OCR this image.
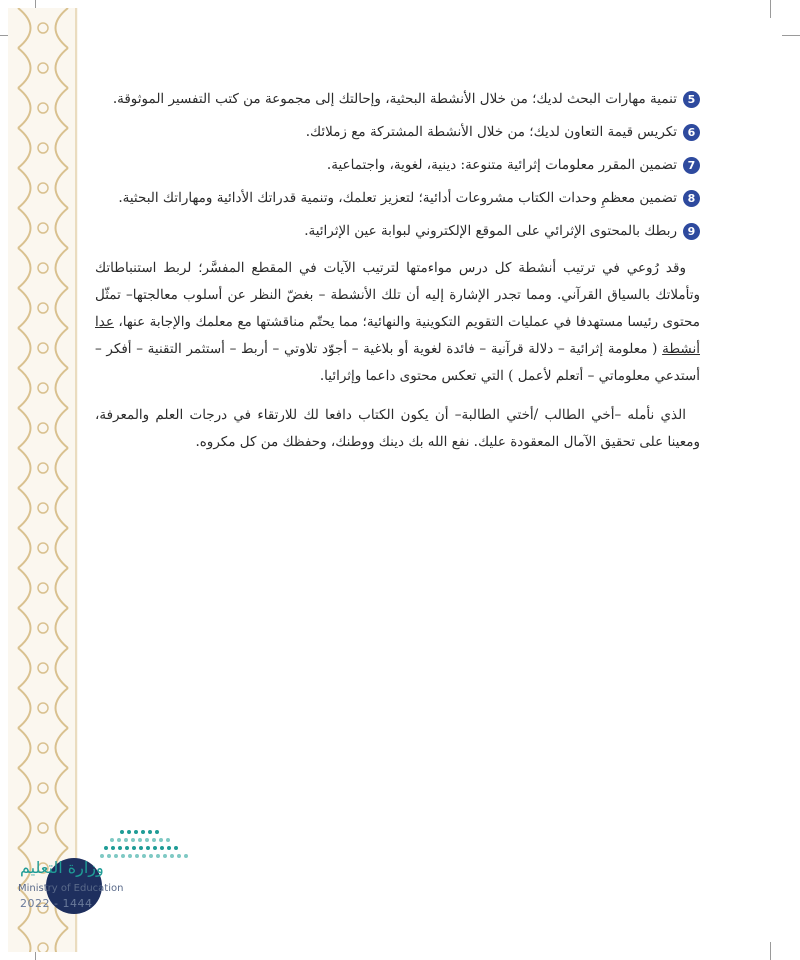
5
تنمية مهارات البحث لديك؛ من خلال الأنشطة البحثية، وإحالتك إلى مجموعة من كتب التفسير الموثوقة.
6
تكريس قيمة التعاون لديك؛ من خلال الأنشطة المشتركة مع زملائك.
7
تضمين المقرر معلومات إثرائية متنوعة: دينية، لغوية، واجتماعية.
8
تضمين معظمِ وحدات الكتاب مشروعات أدائية؛ لتعزيز تعلمك، وتنمية قدراتك الأدائية ومهاراتك البحثية.
9
ربطك بالمحتوى الإثرائي على الموقع الإلكتروني لبوابة عين الإثرائية.

وقد رُوعي في ترتيب أنشطة كل درس مواءمتها لترتيب الآيات في المقطع المفسَّر؛ لربط استنباطاتك وتأملاتك بالسياق القرآني. ومما تجدر الإشارة إليه أن تلك الأنشطة – بغضّ النظر عن أسلوب معالجتها– تمثّل محتوى رئيسا مستهدفا في عمليات التقويم التكوينية والنهائية؛ مما يحتّم مناقشتها مع معلمك والإجابة عنها، عدا أنشطة ( معلومة إثرائية – دلالة قرآنية – فائدة لغوية أو بلاغية – أجوّد تلاوتي – أربط – أستثمر التقنية – أفكر – أستدعي معلوماتي – أتعلم لأعمل ) التي تعكس محتوى داعما وإثرائيا.

الذي نأمله –أخي الطالب /أختي الطالبة– أن يكون الكتاب دافعا لك للارتقاء في درجات العلم والمعرفة، ومعينا على تحقيق الآمال المعقودة عليك. نفع الله بك دينك ووطنك، وحفظك من كل مكروه.

وزارة التعليم
Ministry of Education
2022 - 1444
